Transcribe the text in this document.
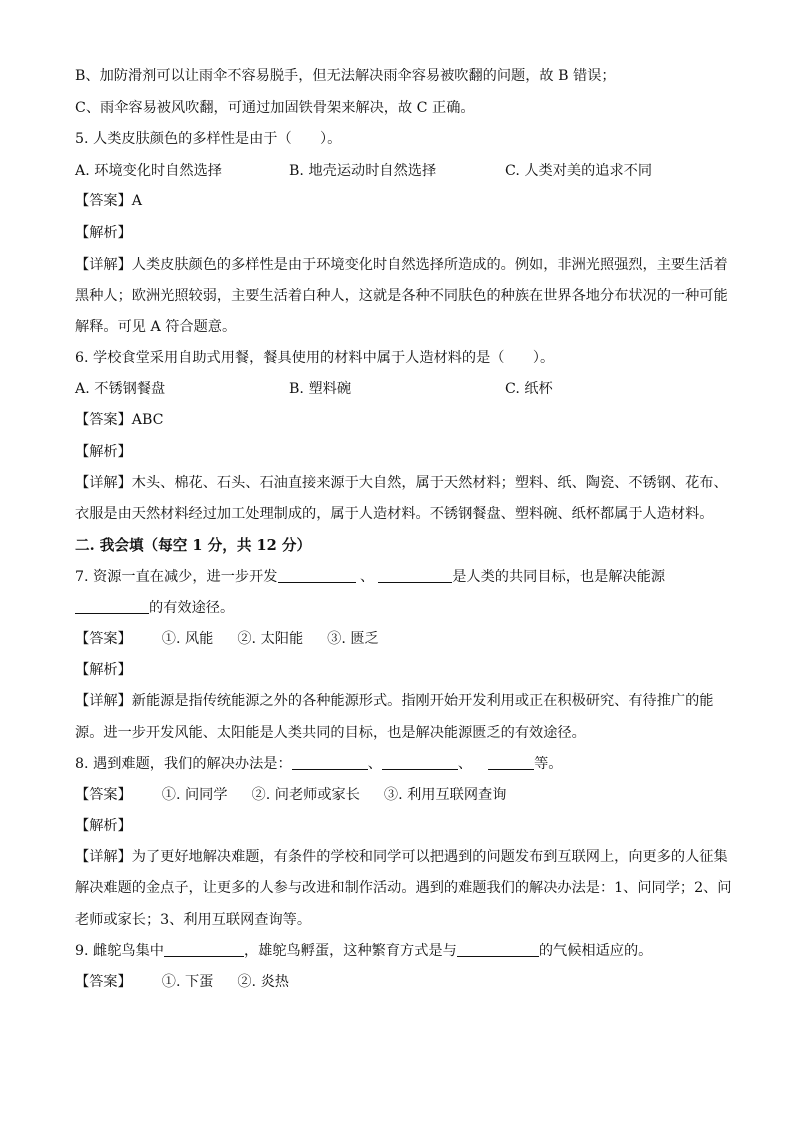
B、加防滑剂可以让雨伞不容易脱手，但无法解决雨伞容易被吹翻的问题，故 B 错误；
C、雨伞容易被风吹翻，可通过加固铁骨架来解决，故 C 正确。
5. 人类皮肤颜色的多样性是由于（　　）。
A. 环境变化时自然选择	B. 地壳运动时自然选择	C. 人类对美的追求不同
【答案】A
【解析】
【详解】人类皮肤颜色的多样性是由于环境变化时自然选择所造成的。例如，非洲光照强烈，主要生活着
黑种人；欧洲光照较弱，主要生活着白种人，这就是各种不同肤色的种族在世界各地分布状况的一种可能
解释。可见 A 符合题意。
6. 学校食堂采用自助式用餐，餐具使用的材料中属于人造材料的是（　　）。
A. 不锈钢餐盘	B. 塑料碗	C. 纸杯
【答案】ABC
【解析】
【详解】木头、棉花、石头、石油直接来源于大自然，属于天然材料；塑料、纸、陶瓷、不锈钢、花布、
衣服是由天然材料经过加工处理制成的，属于人造材料。不锈钢餐盘、塑料碗、纸杯都属于人造材料。
二. 我会填（每空 1 分，共 12 分）
7. 资源一直在减少，进一步开发	、	是人类的共同目标，也是解决能源
的有效途径。
【答案】 ①. 风能 ②. 太阳能 ③. 匮乏
【解析】
【详解】新能源是指传统能源之外的各种能源形式。指刚开始开发利用或正在积极研究、有待推广的能
源。进一步开发风能、太阳能是人类共同的目标，也是解决能源匮乏的有效途径。
8. 遇到难题，我们的解决办法是：	、	、	等。
【答案】 ①. 问同学 ②. 问老师或家长 ③. 利用互联网查询
【解析】
【详解】为了更好地解决难题，有条件的学校和同学可以把遇到的问题发布到互联网上，向更多的人征集
解决难题的金点子，让更多的人参与改进和制作活动。遇到的难题我们的解决办法是：1、问同学；2、问
老师或家长；3、利用互联网查询等。
9. 雌鸵鸟集中	，雄鸵鸟孵蛋，这种繁育方式是与	的气候相适应的。
【答案】 ①. 下蛋 ②. 炎热
